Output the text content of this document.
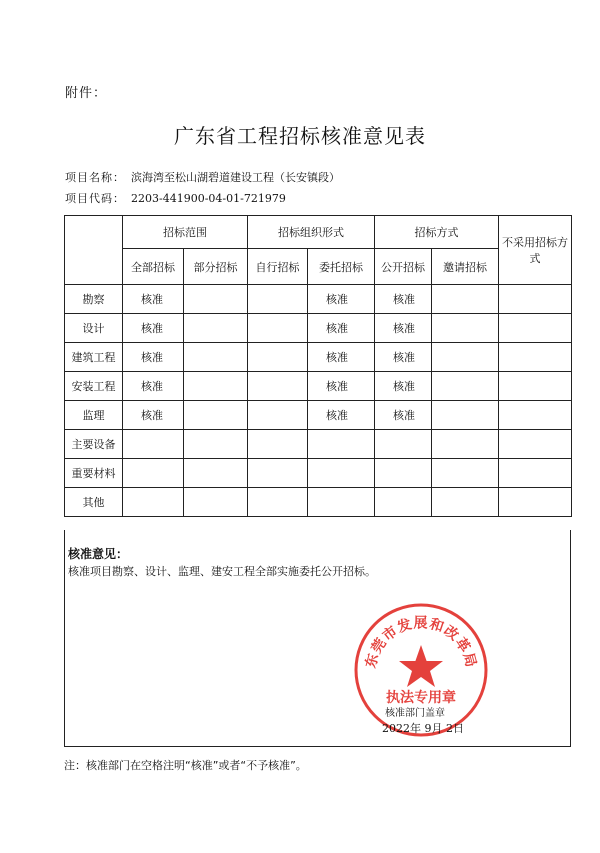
附件：
广东省工程招标核准意见表
项目名称： 滨海湾至松山湖碧道建设工程（长安镇段）
项目代码： 2203-441900-04-01-721979
	招标范围		招标组织形式		招标方式		不采用招标方式
	全部招标	部分招标	自行招标	委托招标	公开招标	邀请招标	
勘察	核准			核准	核准		
设计	核准			核准	核准		
建筑工程	核准			核准	核准		
安装工程	核准			核准	核准		
监理	核准			核准	核准		
主要设备							
重要材料							
其他							
核准意见：
核准项目勘察、设计、监理、建安工程全部实施委托公开招标。
东莞市发展和改革局
执法专用章
核准部门盖章
2022年 9月 2日
注：核准部门在空格注明“核准”或者“不予核准”。
